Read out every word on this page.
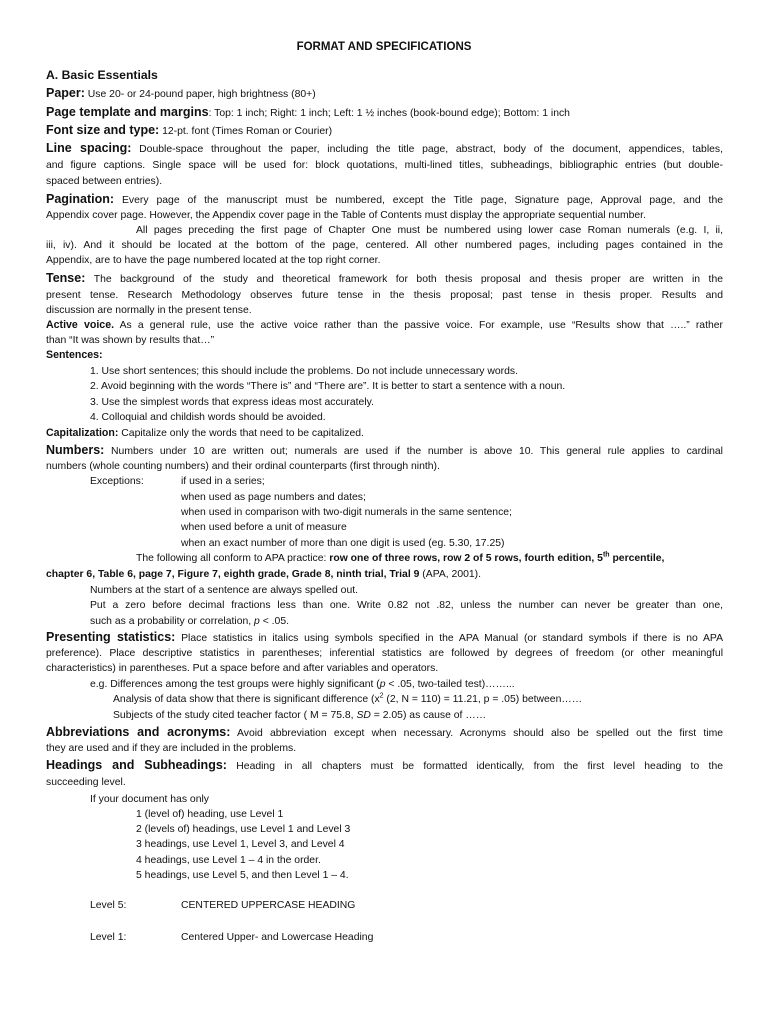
FORMAT AND SPECIFICATIONS
A. Basic Essentials
Paper: Use 20- or 24-pound paper, high brightness (80+)
Page template and margins: Top: 1 inch; Right: 1 inch; Left: 1 ½ inches (book-bound edge); Bottom: 1 inch
Font size and type: 12-pt. font (Times Roman or Courier)
Line spacing: Double-space throughout the paper, including the title page, abstract, body of the document, appendices, tables,
and figure captions. Single space will be used for: block quotations, multi-lined titles, subheadings, bibliographic entries (but double-
spaced between entries).
Pagination: Every page of the manuscript must be numbered, except the Title page, Signature page, Approval page, and the
Appendix cover page. However, the Appendix cover page in the Table of Contents must display the appropriate sequential number.
All pages preceding the first page of Chapter One must be numbered using lower case Roman numerals (e.g. I, ii,
iii, iv). And it should be located at the bottom of the page, centered. All other numbered pages, including pages contained in the
Appendix, are to have the page numbered located at the top right corner.
Tense: The background of the study and theoretical framework for both thesis proposal and thesis proper are written in the
present tense. Research Methodology observes future tense in the thesis proposal; past tense in thesis proper. Results and
discussion are normally in the present tense.
Active voice. As a general rule, use the active voice rather than the passive voice. For example, use “Results show that …..” rather
than “It was shown by results that…”
Sentences:
1. Use short sentences; this should include the problems. Do not include unnecessary words.
2. Avoid beginning with the words “There is” and “There are”. It is better to start a sentence with a noun.
3. Use the simplest words that express ideas most accurately.
4. Colloquial and childish words should be avoided.
Capitalization: Capitalize only the words that need to be capitalized.
Numbers: Numbers under 10 are written out; numerals are used if the number is above 10. This general rule applies to cardinal
numbers (whole counting numbers) and their ordinal counterparts (first through ninth).
Exceptions:	if used in a series;
when used as page numbers and dates;
when used in comparison with two-digit numerals in the same sentence;
when used before a unit of measure
when an exact number of more than one digit is used (eg. 5.30, 17.25)
The following all conform to APA practice: row one of three rows, row 2 of 5 rows, fourth edition, 5th percentile,
chapter 6, Table 6, page 7, Figure 7, eighth grade, Grade 8, ninth trial, Trial 9 (APA, 2001).
Numbers at the start of a sentence are always spelled out.
Put a zero before decimal fractions less than one. Write 0.82 not .82, unless the number can never be greater than one,
such as a probability or correlation, p < .05.
Presenting statistics: Place statistics in italics using symbols specified in the APA Manual (or standard symbols if there is no APA
preference). Place descriptive statistics in parentheses; inferential statistics are followed by degrees of freedom (or other meaningful
characteristics) in parentheses. Put a space before and after variables and operators.
e.g. Differences among the test groups were highly significant (p < .05, two-tailed test)……...
Analysis of data show that there is significant difference ($x^2$ (2, N = 110) = 11.21, p = .05) between……
Subjects of the study cited teacher factor ( M = 75.8, SD = 2.05) as cause of ……
Abbreviations and acronyms: Avoid abbreviation except when necessary. Acronyms should also be spelled out the first time
they are used and if they are included in the problems.
Headings and Subheadings: Heading in all chapters must be formatted identically, from the first level heading to the
succeeding level.
If your document has only
1 (level of) heading, use Level 1
2 (levels of) headings, use Level 1 and Level 3
3 headings, use Level 1, Level 3, and Level 4
4 headings, use Level 1 – 4 in the order.
5 headings, use Level 5, and then Level 1 – 4.
Level 5:	CENTERED UPPERCASE HEADING
Level 1:	Centered Upper- and Lowercase Heading
